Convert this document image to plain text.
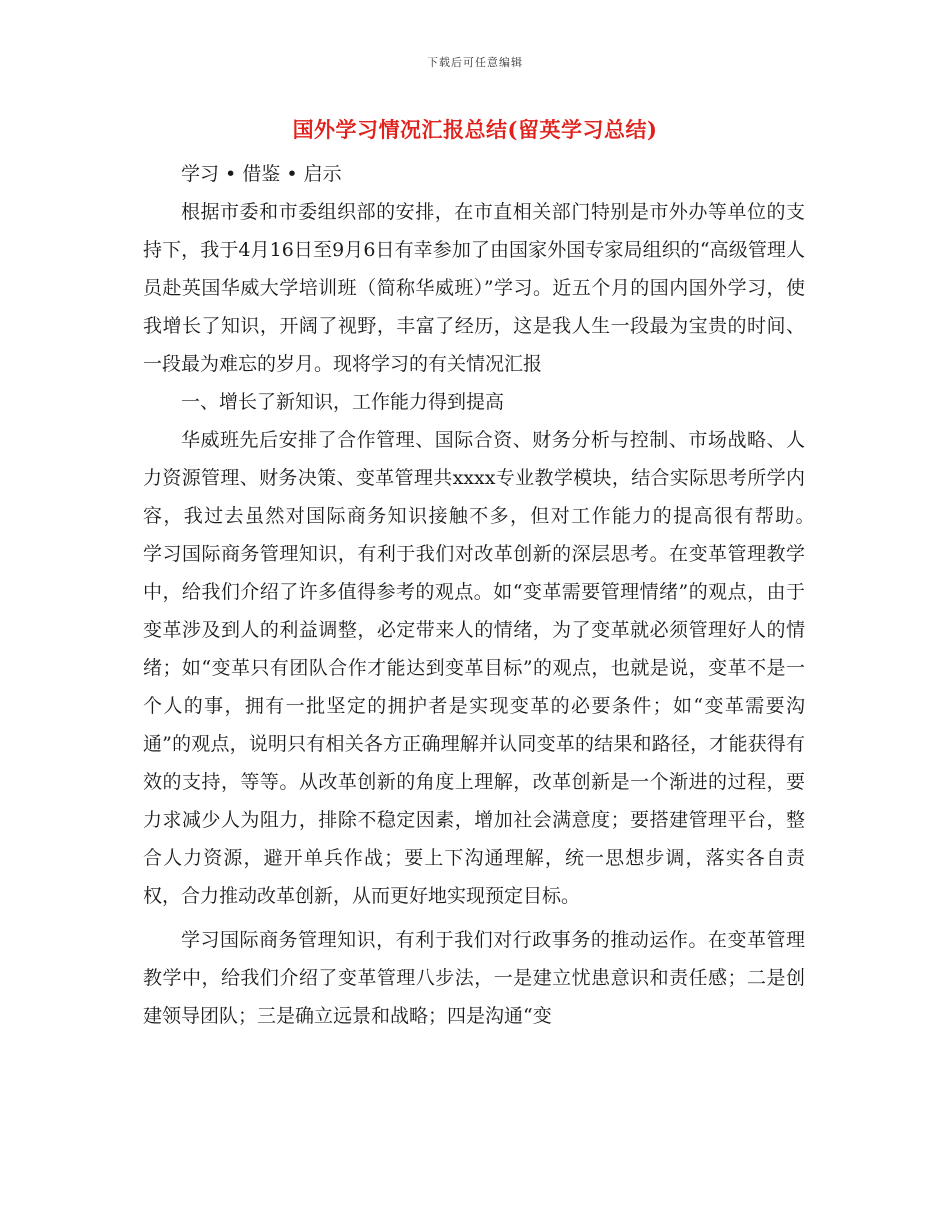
下载后可任意编辑
国外学习情况汇报总结(留英学习总结)

学习 • 借鉴 • 启示

根据市委和市委组织部的安排，在市直相关部门特别是市外办等单位的支持下，我于4月16日至9月6日有幸参加了由国家外国专家局组织的“高级管理人员赴英国华威大学培训班（简称华威班）”学习。近五个月的国内国外学习，使我增长了知识，开阔了视野，丰富了经历，这是我人生一段最为宝贵的时间、一段最为难忘的岁月。现将学习的有关情况汇报

一、增长了新知识，工作能力得到提高

华威班先后安排了合作管理、国际合资、财务分析与控制、市场战略、人力资源管理、财务决策、变革管理共xxxx专业教学模块，结合实际思考所学内容，我过去虽然对国际商务知识接触不多，但对工作能力的提高很有帮助。　　学习国际商务管理知识，有利于我们对改革创新的深层思考。在变革管理教学中，给我们介绍了许多值得参考的观点。如“变革需要管理情绪”的观点，由于变革涉及到人的利益调整，必定带来人的情绪，为了变革就必须管理好人的情绪；如“变革只有团队合作才能达到变革目标”的观点，也就是说，变革不是一个人的事，拥有一批坚定的拥护者是实现变革的必要条件；如“变革需要沟通”的观点，说明只有相关各方正确理解并认同变革的结果和路径，才能获得有效的支持，等等。从改革创新的角度上理解，改革创新是一个渐进的过程，要力求减少人为阻力，排除不稳定因素，增加社会满意度；要搭建管理平台，整合人力资源，避开单兵作战；要上下沟通理解，统一思想步调，落实各自责权，合力推动改革创新，从而更好地实现预定目标。

学习国际商务管理知识，有利于我们对行政事务的推动运作。在变革管理教学中，给我们介绍了变革管理八步法，一是建立忧患意识和责任感；二是创建领导团队；三是确立远景和战略；四是沟通“变
